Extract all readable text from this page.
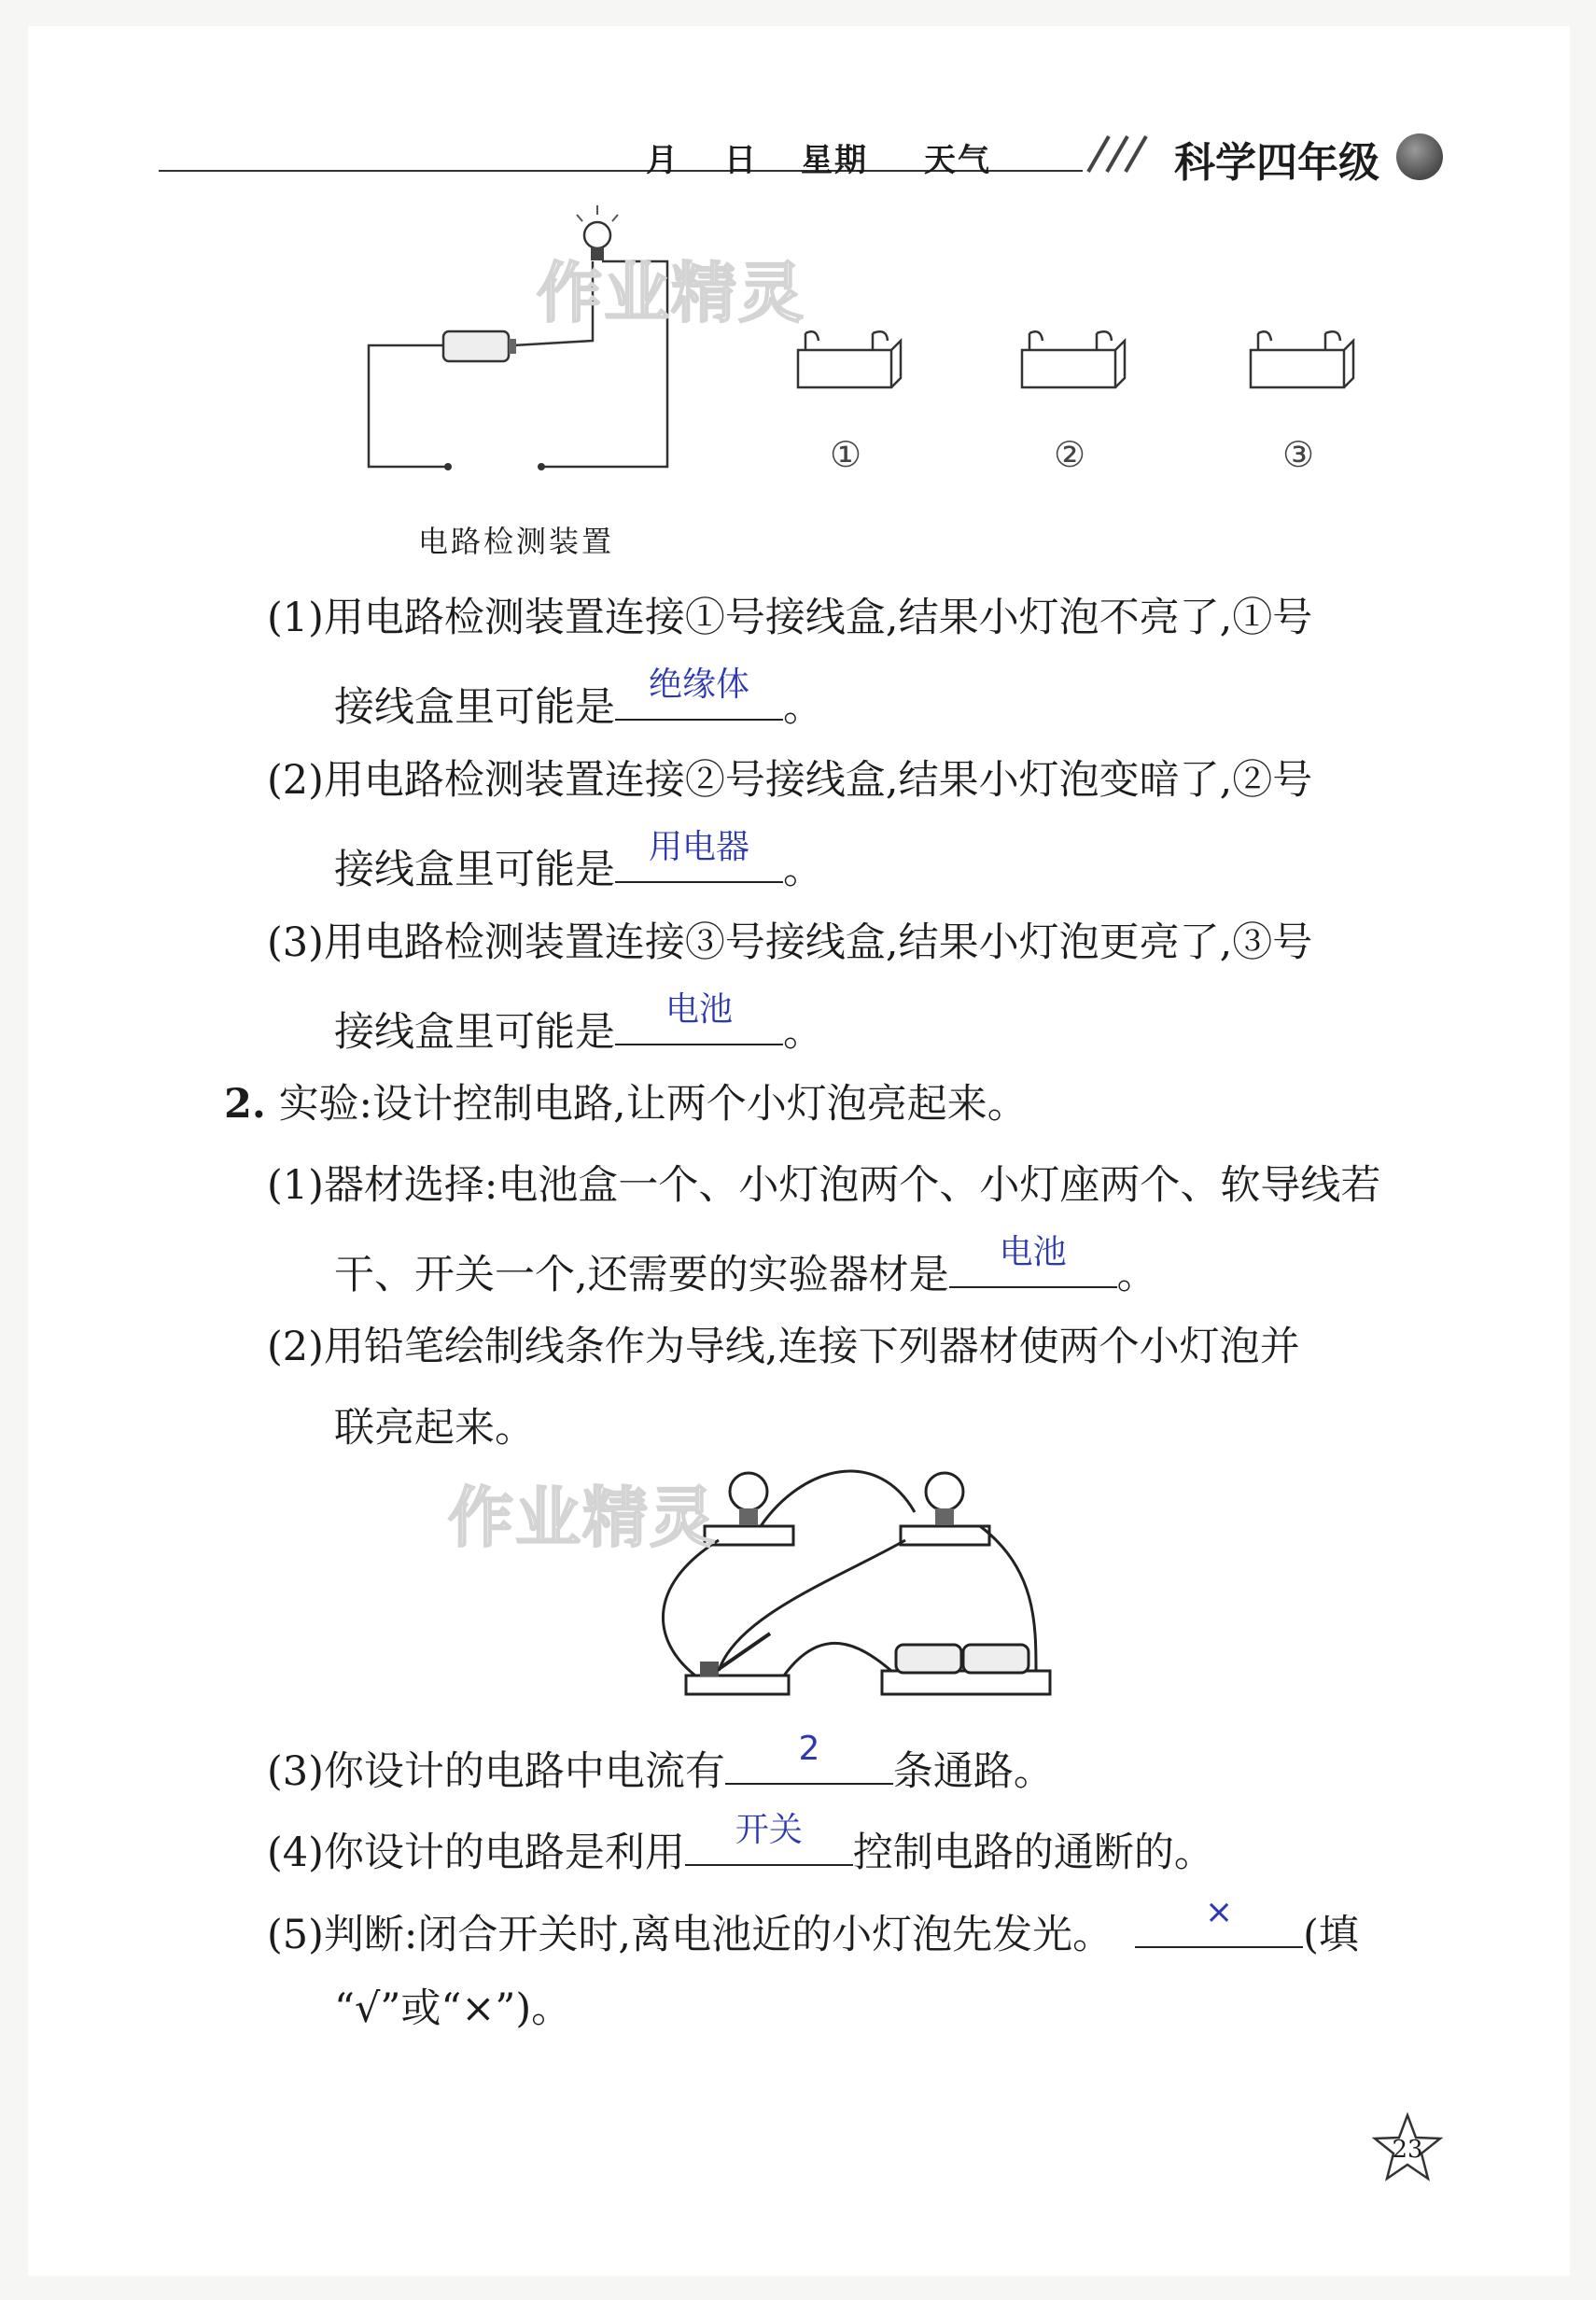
月 日 星期 天气	科学四年级
作业精灵
①	②	③
电路检测装置
(1)用电路检测装置连接①号接线盒,结果小灯泡不亮了,①号
接线盒里可能是 绝缘体 。
(2)用电路检测装置连接②号接线盒,结果小灯泡变暗了,②号
接线盒里可能是 用电器 。
(3)用电路检测装置连接③号接线盒,结果小灯泡更亮了,③号
接线盒里可能是	电池	。
2. 实验:设计控制电路,让两个小灯泡亮起来。
(1)器材选择:电池盒一个、小灯泡两个、小灯座两个、软导线若
干、开关一个,还需要的实验器材是	电池	。
(2)用铅笔绘制线条作为导线,连接下列器材使两个小灯泡并
联亮起来。
作业精灵
(3)你设计的电路中电流有	2	条通路。
(4)你设计的电路是利用	开关	控制电路的通断的。
(5)判断:闭合开关时,离电池近的小灯泡先发光。	×	(填
“√”或“×”)。
23
